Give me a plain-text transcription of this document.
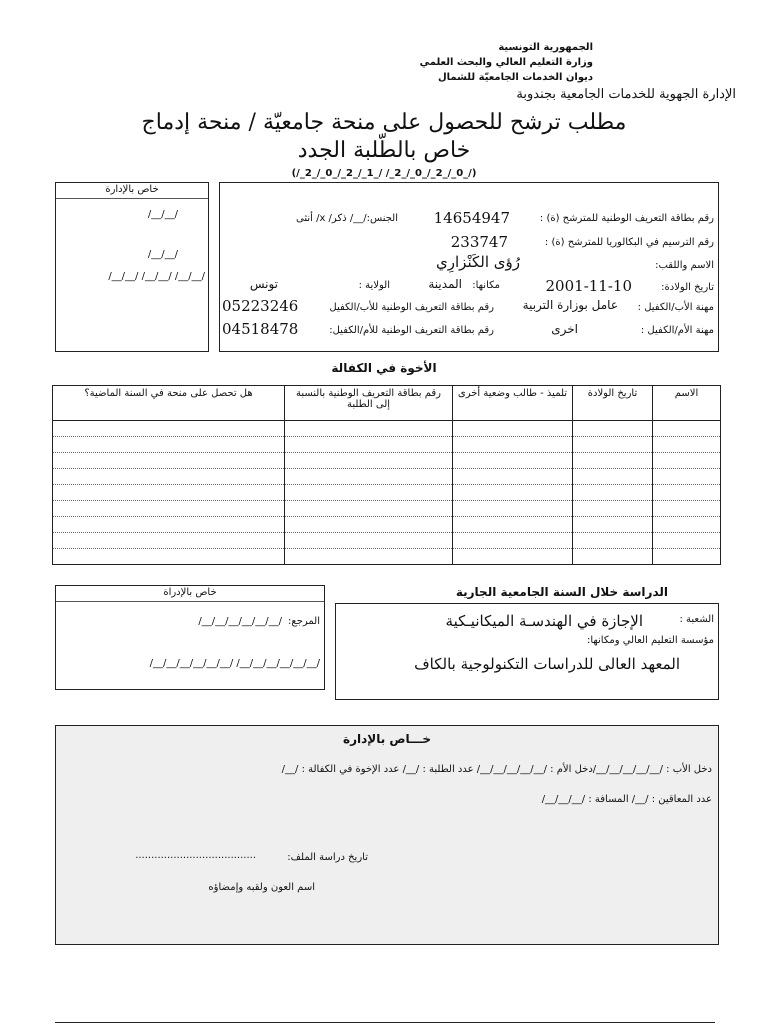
الجمهورية التونسية
وزارة التعليم العالي والبحث العلمي
ديوان الخدمات الجامعيّة للشمال
الإدارة الجهوية للخدمات الجامعية بجندوبة
مطلب ترشح للحصول على منحة جامعيّة / منحة إدماج
خاص بالطّلبة الجدد
(/_2_/_0_/_2_/_1_/ /_2_/_0_/_2_/_0_/)
خاص بالإدارة
/__/__/
/__/__/
/__/__/ /__/__/ /__/__/
رقم بطاقة التعريف الوطنية للمترشح (ة) :
14654947
الجنس:/__/ ذكر/ x/ أنثى
رقم الترسيم في البكالوريا للمترشح (ة) :
233747
الاسم واللقب:
رُؤى الكَنْزارِي
تاريخ الولادة:
2001-11-10
مكانها:
المدينة
الولاية :
تونس
مهنة الأب/الكفيل :
عامل بوزارة التربية
رقم بطاقة التعريف الوطنية للأب/الكفيل
05223246
مهنة الأم/الكفيل :
اخرى
رقم بطاقة التعريف الوطنية للأم/الكفيل:
04518478
الأخوة في الكفالة
الاسم	تاريخ الولادة	تلميذ - طالب وضعية أخرى	رقم بطاقة التعريف الوطنية بالنسبة إلى الطلبة	هل تحصل على منحة في السنة الماضية؟

الدراسة خلال السنة الجامعية الجارية
الشعبة :
الإجازة في الهندسـة الميكانيـكية
مؤسسة التعليم العالي ومكانها:
المعهد العالى للدراسات التكنولوجية بالكاف
خاص بالإدراة
المرجع:
/__/__/__/__/__/__/
/__/__/__/__/__/__/ /__/__/__/__/__/__/
خـــاص بالإدارة
دخل الأب : /__/__/__/__/__/دخل الأم : /__/__/__/__/__/ عدد الطلبة : /__/ عدد الإخوة في الكفالة : /__/
عدد المعاقين : /__/ المسافة : /__/__/__/
تاريخ دراسة الملف:
......................................
اسم العون ولقبه وإمضاؤه
